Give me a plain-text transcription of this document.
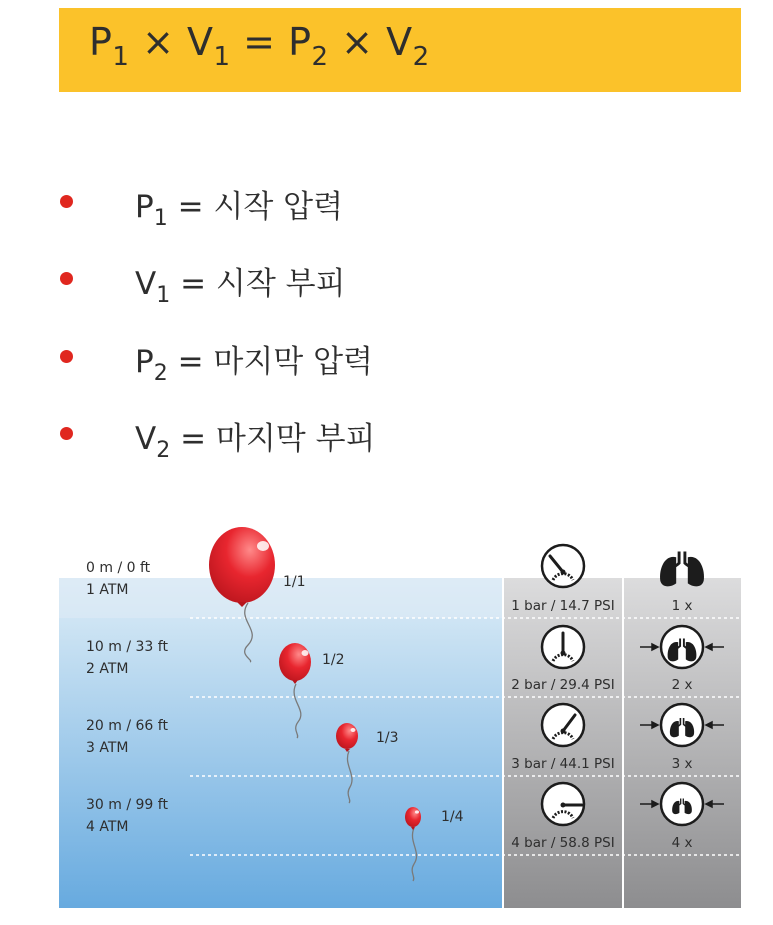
$P_1 \times V_1 = P_2 \times V_2$
$P_1$ = 시작 압력
$V_1$ = 시작 부피
$P_2$ = 마지막 압력
$V_2$ = 마지막 부피
0 m / 0 ft
1 ATM
10 m / 33 ft
2 ATM
20 m / 66 ft
3 ATM
30 m / 99 ft
4 ATM
1/1
1/2
1/3
1/4
1 bar / 14.7 PSI
2 bar / 29.4 PSI
3 bar / 44.1 PSI
4 bar / 58.8 PSI
1 x
2 x
3 x
4 x
